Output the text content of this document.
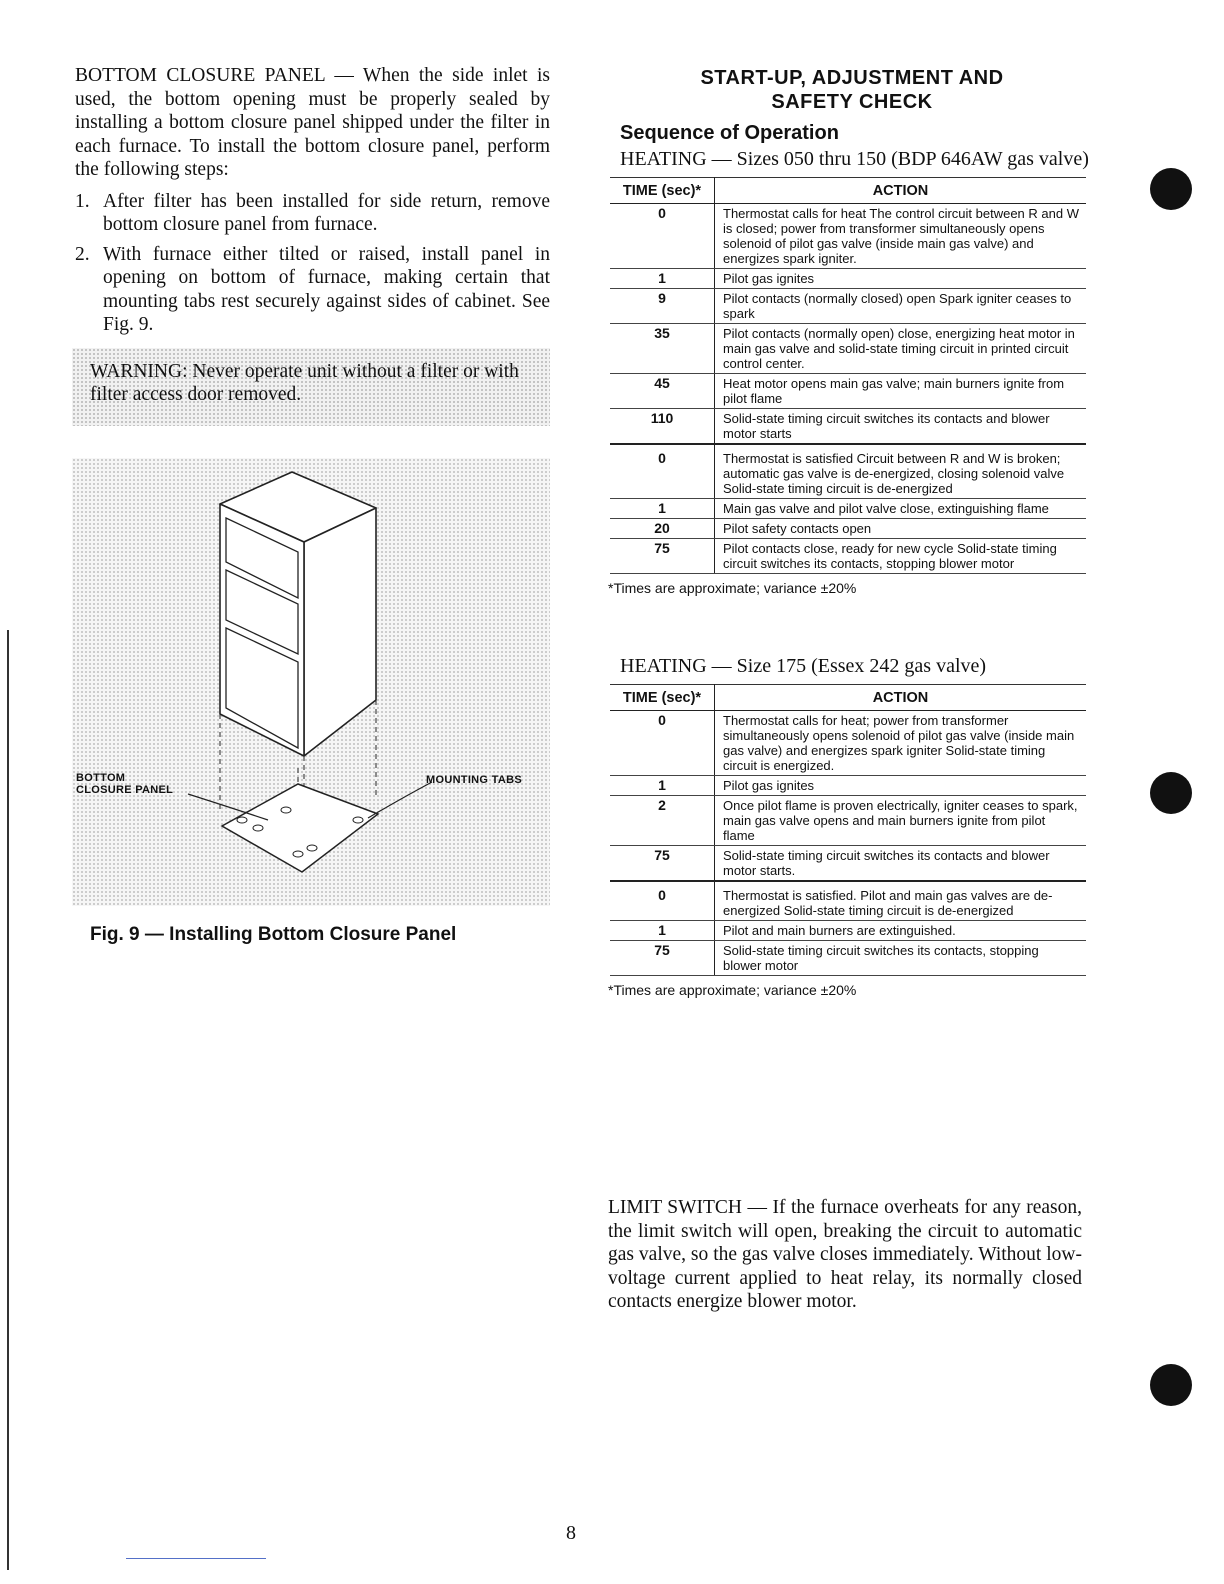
BOTTOM CLOSURE PANEL — When the side inlet is used, the bottom opening must be properly sealed by installing a bottom closure panel shipped under the filter in each furnace. To install the bottom closure panel, perform the following steps:

1. After filter has been installed for side return, remove bottom closure panel from furnace.
2. With furnace either tilted or raised, install panel in opening on bottom of furnace, making certain that mounting tabs rest securely against sides of cabinet. See Fig. 9.
WARNING: Never operate unit without a filter or with filter access door removed.
BOTTOM
CLOSURE PANEL
MOUNTING TABS
Fig. 9 — Installing Bottom Closure Panel
START-UP, ADJUSTMENT AND
SAFETY CHECK
Sequence of Operation
HEATING — Sizes 050 thru 150 (BDP 646AW gas valve)
TIME (sec)*	ACTION
0	Thermostat calls for heat The control circuit between R and W is closed; power from transformer simultaneously opens solenoid of pilot gas valve (inside main gas valve) and energizes spark igniter.
1	Pilot gas ignites
9	Pilot contacts (normally closed) open Spark igniter ceases to spark
35	Pilot contacts (normally open) close, energizing heat motor in main gas valve and solid-state timing circuit in printed circuit control center.
45	Heat motor opens main gas valve; main burners ignite from pilot flame
110	Solid-state timing circuit switches its contacts and blower motor starts
0	Thermostat is satisfied Circuit between R and W is broken; automatic gas valve is de-energized, closing solenoid valve Solid-state timing circuit is de-energized
1	Main gas valve and pilot valve close, extinguishing flame
20	Pilot safety contacts open
75	Pilot contacts close, ready for new cycle Solid-state timing circuit switches its contacts, stopping blower motor
*Times are approximate; variance ±20%
HEATING — Size 175 (Essex 242 gas valve)
TIME (sec)*	ACTION
0	Thermostat calls for heat; power from transformer simultaneously opens solenoid of pilot gas valve (inside main gas valve) and energizes spark igniter Solid-state timing circuit is energized.
1	Pilot gas ignites
2	Once pilot flame is proven electrically, igniter ceases to spark, main gas valve opens and main burners ignite from pilot flame
75	Solid-state timing circuit switches its contacts and blower motor starts.
0	Thermostat is satisfied. Pilot and main gas valves are de-energized Solid-state timing circuit is de-energized
1	Pilot and main burners are extinguished.
75	Solid-state timing circuit switches its contacts, stopping blower motor
*Times are approximate; variance ±20%

LIMIT SWITCH — If the furnace overheats for any reason, the limit switch will open, breaking the circuit to automatic gas valve, so the gas valve closes immediately. Without low-voltage current applied to heat relay, its normally closed contacts energize blower motor.

8
